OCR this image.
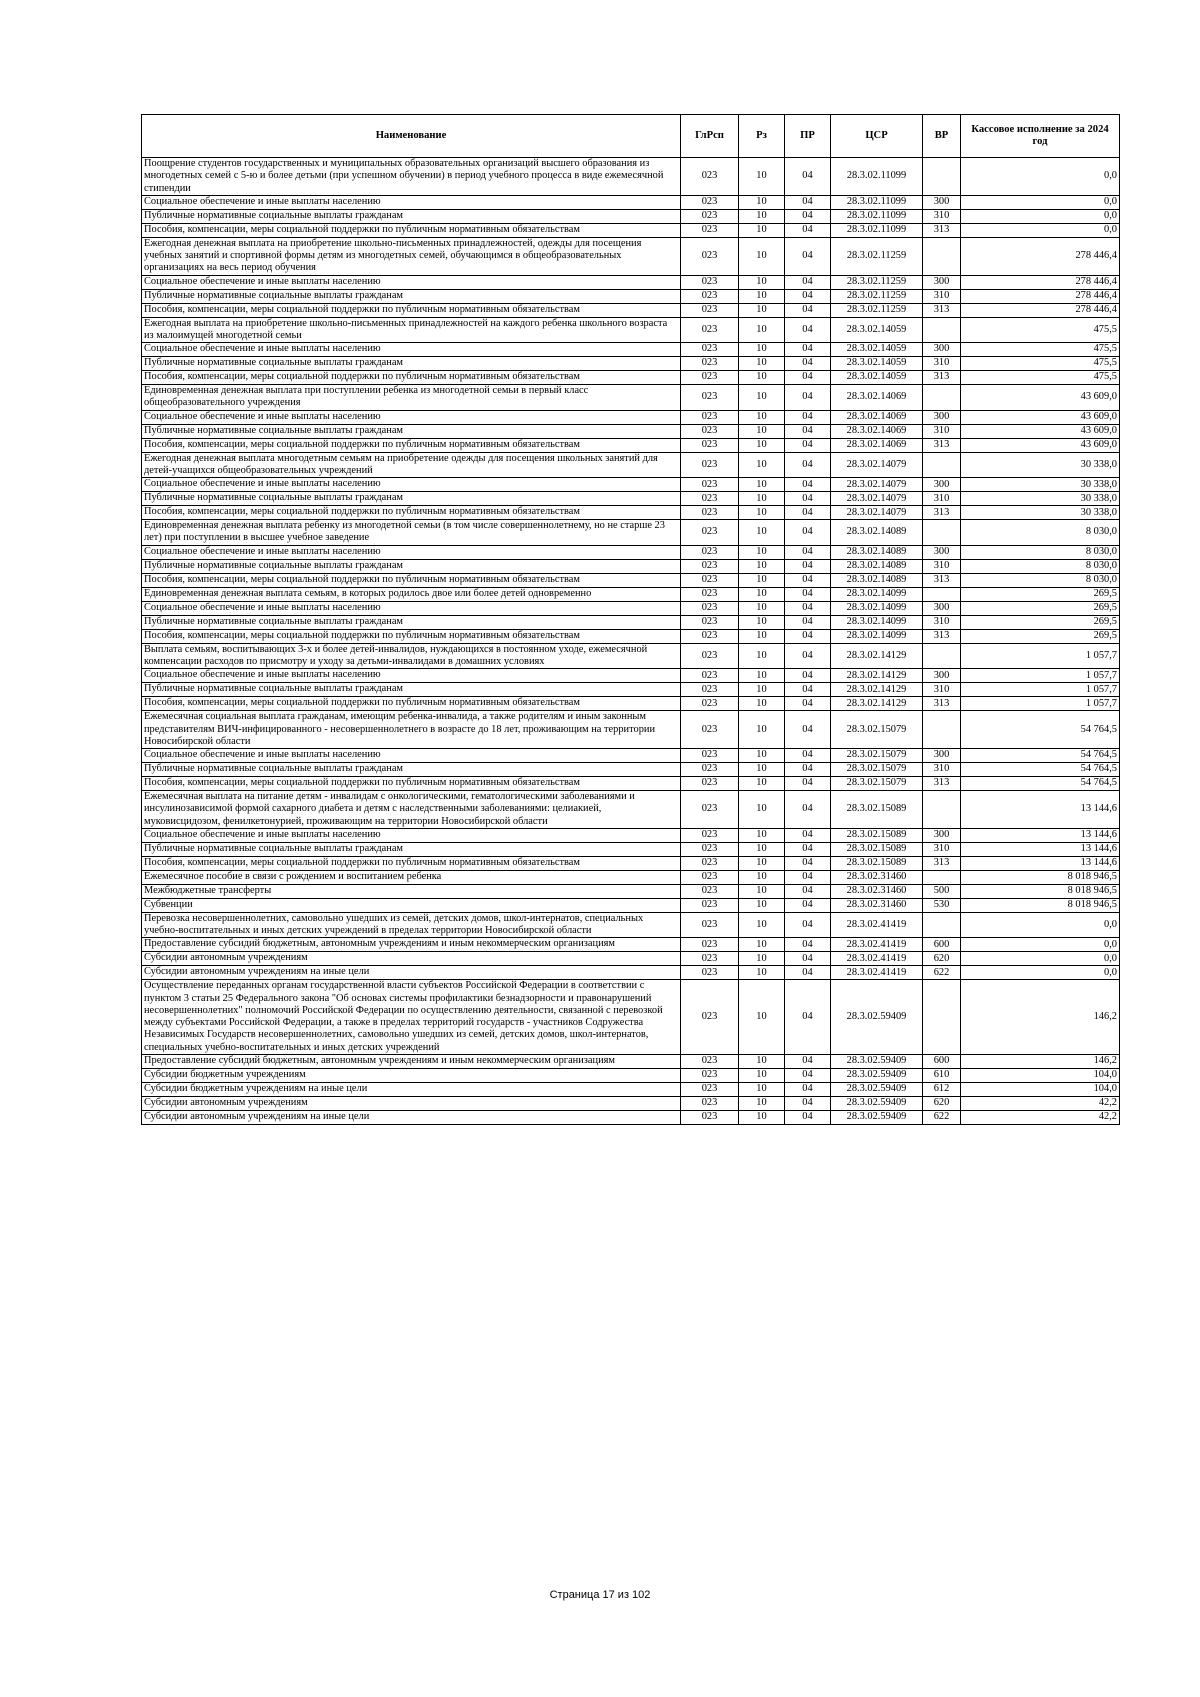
Наименование	ГлРсп	Рз	ПР	ЦСР	ВР	Кассовое исполнение за 2024 год
Поощрение студентов государственных и муниципальных образовательных организаций высшего образования из многодетных семей с 5-ю и более детьми (при успешном обучении) в период учебного процесса в виде ежемесячной стипендии	023	10	04	28.3.02.11099		0,0
Социальное обеспечение и иные выплаты населению	023	10	04	28.3.02.11099	300	0,0
Публичные нормативные социальные выплаты гражданам	023	10	04	28.3.02.11099	310	0,0
Пособия, компенсации, меры социальной поддержки по публичным нормативным обязательствам	023	10	04	28.3.02.11099	313	0,0
Ежегодная денежная выплата на приобретение школьно-письменных принадлежностей, одежды для посещения учебных занятий и спортивной формы детям из многодетных семей, обучающимся в общеобразовательных организациях на весь период обучения	023	10	04	28.3.02.11259		278 446,4
Социальное обеспечение и иные выплаты населению	023	10	04	28.3.02.11259	300	278 446,4
Публичные нормативные социальные выплаты гражданам	023	10	04	28.3.02.11259	310	278 446,4
Пособия, компенсации, меры социальной поддержки по публичным нормативным обязательствам	023	10	04	28.3.02.11259	313	278 446,4
Ежегодная выплата на приобретение школьно-письменных принадлежностей на каждого ребенка школьного возраста из малоимущей многодетной семьи	023	10	04	28.3.02.14059		475,5
Социальное обеспечение и иные выплаты населению	023	10	04	28.3.02.14059	300	475,5
Публичные нормативные социальные выплаты гражданам	023	10	04	28.3.02.14059	310	475,5
Пособия, компенсации, меры социальной поддержки по публичным нормативным обязательствам	023	10	04	28.3.02.14059	313	475,5
Единовременная денежная выплата при поступлении ребенка из многодетной семьи в первый класс общеобразовательного учреждения	023	10	04	28.3.02.14069		43 609,0
Социальное обеспечение и иные выплаты населению	023	10	04	28.3.02.14069	300	43 609,0
Публичные нормативные социальные выплаты гражданам	023	10	04	28.3.02.14069	310	43 609,0
Пособия, компенсации, меры социальной поддержки по публичным нормативным обязательствам	023	10	04	28.3.02.14069	313	43 609,0
Ежегодная денежная выплата многодетным семьям на приобретение одежды для посещения школьных занятий для детей-учащихся общеобразовательных учреждений	023	10	04	28.3.02.14079		30 338,0
Социальное обеспечение и иные выплаты населению	023	10	04	28.3.02.14079	300	30 338,0
Публичные нормативные социальные выплаты гражданам	023	10	04	28.3.02.14079	310	30 338,0
Пособия, компенсации, меры социальной поддержки по публичным нормативным обязательствам	023	10	04	28.3.02.14079	313	30 338,0
Единовременная денежная выплата ребенку из многодетной семьи (в том числе совершеннолетнему, но не старше 23 лет) при поступлении в высшее учебное заведение	023	10	04	28.3.02.14089		8 030,0
Социальное обеспечение и иные выплаты населению	023	10	04	28.3.02.14089	300	8 030,0
Публичные нормативные социальные выплаты гражданам	023	10	04	28.3.02.14089	310	8 030,0
Пособия, компенсации, меры социальной поддержки по публичным нормативным обязательствам	023	10	04	28.3.02.14089	313	8 030,0
Единовременная денежная выплата семьям, в которых родилось двое или более детей одновременно	023	10	04	28.3.02.14099		269,5
Социальное обеспечение и иные выплаты населению	023	10	04	28.3.02.14099	300	269,5
Публичные нормативные социальные выплаты гражданам	023	10	04	28.3.02.14099	310	269,5
Пособия, компенсации, меры социальной поддержки по публичным нормативным обязательствам	023	10	04	28.3.02.14099	313	269,5
Выплата семьям, воспитывающих 3-х и более детей-инвалидов, нуждающихся в постоянном уходе, ежемесячной компенсации расходов по присмотру и уходу за детьми-инвалидами в домашних условиях	023	10	04	28.3.02.14129		1 057,7
Социальное обеспечение и иные выплаты населению	023	10	04	28.3.02.14129	300	1 057,7
Публичные нормативные социальные выплаты гражданам	023	10	04	28.3.02.14129	310	1 057,7
Пособия, компенсации, меры социальной поддержки по публичным нормативным обязательствам	023	10	04	28.3.02.14129	313	1 057,7
Ежемесячная социальная выплата гражданам, имеющим ребенка-инвалида, а также родителям и иным законным представителям ВИЧ-инфицированного - несовершеннолетнего в возрасте до 18 лет, проживающим на территории Новосибирской области	023	10	04	28.3.02.15079		54 764,5
Социальное обеспечение и иные выплаты населению	023	10	04	28.3.02.15079	300	54 764,5
Публичные нормативные социальные выплаты гражданам	023	10	04	28.3.02.15079	310	54 764,5
Пособия, компенсации, меры социальной поддержки по публичным нормативным обязательствам	023	10	04	28.3.02.15079	313	54 764,5
Ежемесячная выплата на питание детям - инвалидам с онкологическими, гематологическими заболеваниями и инсулинозависимой формой сахарного диабета и детям с наследственными заболеваниями: целиакией, муковисцидозом, фенилкетонурией, проживающим на территории Новосибирской области	023	10	04	28.3.02.15089		13 144,6
Социальное обеспечение и иные выплаты населению	023	10	04	28.3.02.15089	300	13 144,6
Публичные нормативные социальные выплаты гражданам	023	10	04	28.3.02.15089	310	13 144,6
Пособия, компенсации, меры социальной поддержки по публичным нормативным обязательствам	023	10	04	28.3.02.15089	313	13 144,6
Ежемесячное пособие в связи с рождением и воспитанием ребенка	023	10	04	28.3.02.31460		8 018 946,5
Межбюджетные трансферты	023	10	04	28.3.02.31460	500	8 018 946,5
Субвенции	023	10	04	28.3.02.31460	530	8 018 946,5
Перевозка несовершеннолетних, самовольно ушедших из семей, детских домов, школ-интернатов, специальных учебно-воспитательных и иных детских учреждений в пределах территории Новосибирской области	023	10	04	28.3.02.41419		0,0
Предоставление субсидий бюджетным, автономным учреждениям и иным некоммерческим организациям	023	10	04	28.3.02.41419	600	0,0
Субсидии автономным учреждениям	023	10	04	28.3.02.41419	620	0,0
Субсидии автономным учреждениям на иные цели	023	10	04	28.3.02.41419	622	0,0
Осуществление переданных органам государственной власти субъектов Российской Федерации в соответствии с пунктом 3 статьи 25 Федерального закона "Об основах системы профилактики безнадзорности и правонарушений несовершеннолетних" полномочий Российской Федерации по осуществлению деятельности, связанной с перевозкой между субъектами Российской Федерации, а также в пределах территорий государств - участников Содружества Независимых Государств несовершеннолетних, самовольно ушедших из семей, детских домов, школ-интернатов, специальных учебно-воспитательных и иных детских учреждений	023	10	04	28.3.02.59409		146,2
Предоставление субсидий бюджетным, автономным учреждениям и иным некоммерческим организациям	023	10	04	28.3.02.59409	600	146,2
Субсидии бюджетным учреждениям	023	10	04	28.3.02.59409	610	104,0
Субсидии бюджетным учреждениям на иные цели	023	10	04	28.3.02.59409	612	104,0
Субсидии автономным учреждениям	023	10	04	28.3.02.59409	620	42,2
Субсидии автономным учреждениям на иные цели	023	10	04	28.3.02.59409	622	42,2
Страница 17 из 102
